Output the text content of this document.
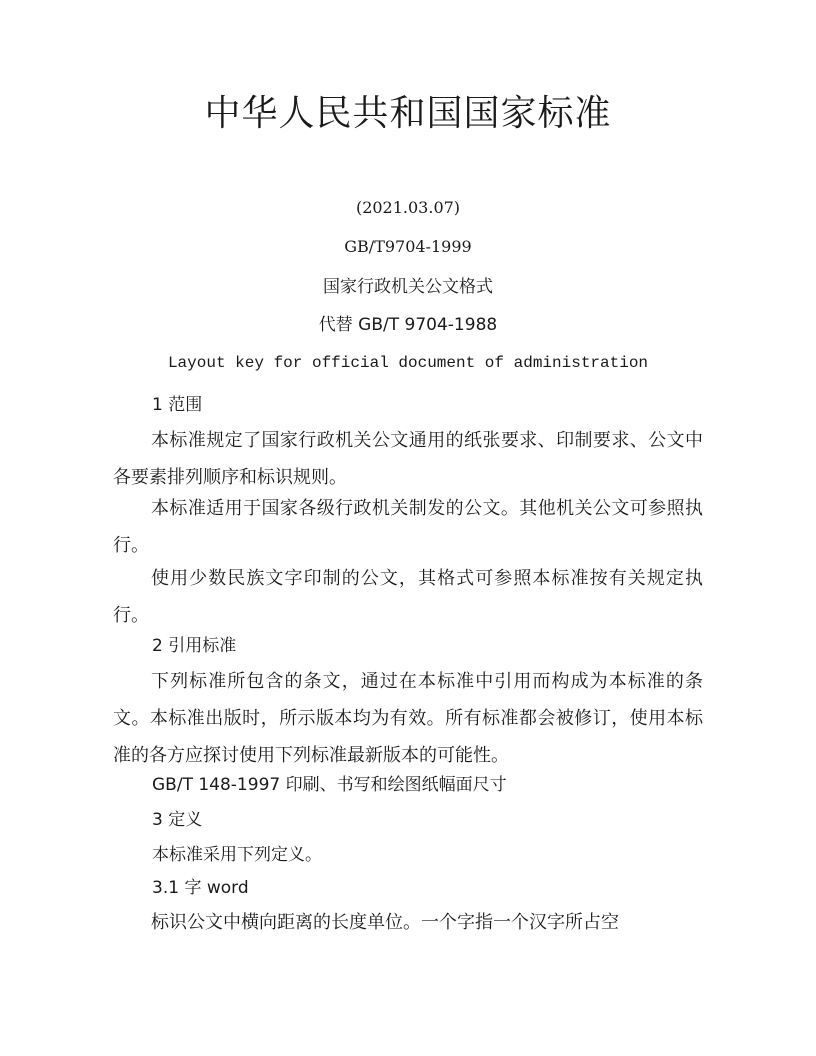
中华人民共和国国家标准
(2021.03.07)
GB/T9704-1999
国家行政机关公文格式
代替 GB/T 9704-1988
Layout key for official document of administration
1 范围
本标准规定了国家行政机关公文通用的纸张要求、印制要求、公文中各要素排列顺序和标识规则。
本标准适用于国家各级行政机关制发的公文。其他机关公文可参照执行。
使用少数民族文字印制的公文，其格式可参照本标准按有关规定执行。
2 引用标准
下列标准所包含的条文，通过在本标准中引用而构成为本标准的条文。本标准出版时，所示版本均为有效。所有标准都会被修订，使用本标准的各方应探讨使用下列标准最新版本的可能性。
GB/T 148-1997 印刷、书写和绘图纸幅面尺寸
3 定义
本标准采用下列定义。
3.1 字 word
标识公文中横向距离的长度单位。一个字指一个汉字所占空
